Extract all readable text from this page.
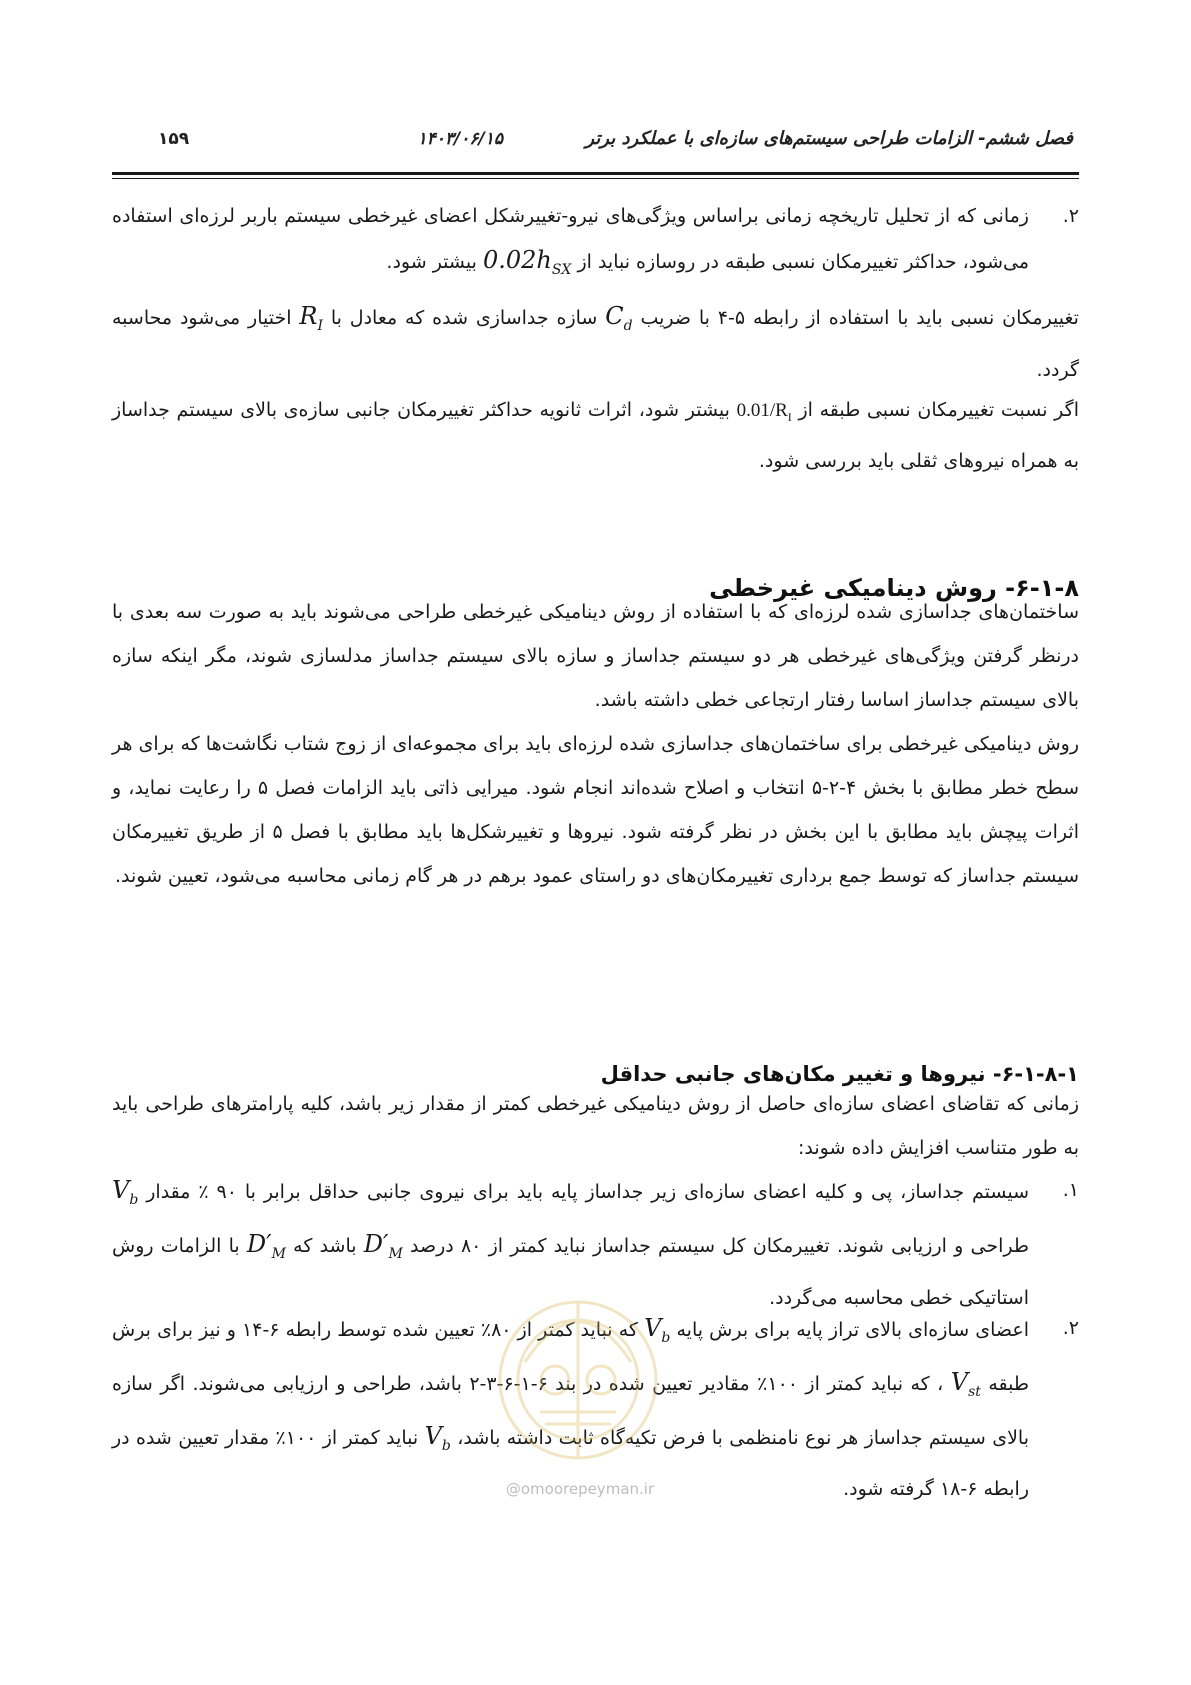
فصل ششم- الزامات طراحی سیستم‌های سازه‌ای با عملکرد برتر
۱۴۰۳/۰۶/۱۵
۱۵۹
۲.
زمانی که از تحلیل تاریخچه زمانی براساس ویژگی‌های نیرو-تغییرشکل اعضای غیرخطی سیستم باربر لرزه‌ای استفاده می‌شود، حداکثر تغییرمکان نسبی طبقه در روسازه نباید از $0.02h_{SX}$ بیشتر شود.

تغییرمکان نسبی باید با استفاده از رابطه ۵-۴ با ضریب $C_d$ سازه جداسازی شده که معادل با $R_I$ اختیار می‌شود محاسبه گردد.

اگر نسبت تغییرمکان نسبی طبقه از $0.01/R_I$ بیشتر شود، اثرات ثانویه حداکثر تغییرمکان جانبی سازه‌ی بالای سیستم جداساز به همراه نیروهای ثقلی باید بررسی شود.

۶-۱-۸- روش دینامیکی غیرخطی

ساختمان‌های جداسازی شده لرزه‌ای که با استفاده از روش دینامیکی غیرخطی طراحی می‌شوند باید به صورت سه بعدی با درنظر گرفتن ویژگی‌های غیرخطی هر دو سیستم جداساز و سازه بالای سیستم جداساز مدلسازی شوند، مگر اینکه سازه بالای سیستم جداساز اساسا رفتار ارتجاعی خطی داشته باشد.

روش دینامیکی غیرخطی برای ساختمان‌های جداسازی شده لرزه‌ای باید برای مجموعه‌ای از زوج شتاب نگاشت‌ها که برای هر سطح خطر مطابق با بخش ۴-۲-۵ انتخاب و اصلاح شده‌اند انجام شود. میرایی ذاتی باید الزامات فصل ۵ را رعایت نماید، و اثرات پیچش باید مطابق با این بخش در نظر گرفته شود. نیروها و تغییرشکل‌ها باید مطابق با فصل ۵ از طریق تغییرمکان سیستم جداساز که توسط جمع برداری تغییرمکان‌های دو راستای عمود برهم در هر گام زمانی محاسبه می‌شود، تعیین شوند.

۶-۱-۸-۱- نیروها و تغییر مکان‌های جانبی حداقل

زمانی که تقاضای اعضای سازه‌ای حاصل از روش دینامیکی غیرخطی کمتر از مقدار زیر باشد، کلیه پارامترهای طراحی باید به طور متناسب افزایش داده شوند:

۱.
سیستم جداساز، پی و کلیه اعضای سازه‌ای زیر جداساز پایه باید برای نیروی جانبی حداقل برابر با ۹۰ ٪ مقدار $V_b$ طراحی و ارزیابی شوند. تغییرمکان کل سیستم جداساز نباید کمتر از ۸۰ درصد $D'_M$ باشد که $D'_M$ با الزامات روش استاتیکی خطی محاسبه می‌گردد.
۲.
اعضای سازه‌ای بالای تراز پایه برای برش پایه $V_b$ که نباید کمتر از ۸۰٪ تعیین شده توسط رابطه ۶-۱۴ و نیز برای برش طبقه $V_{st}$ ، که نباید کمتر از ۱۰۰٪ مقادیر تعیین شده در بند ۶-۱-۶-۳-۲ باشد، طراحی و ارزیابی می‌شوند. اگر سازه بالای سیستم جداساز هر نوع نامنظمی با فرض تکیه‌گاه ثابت داشته باشد، $V_b$ نباید کمتر از ۱۰۰٪ مقدار تعیین شده در رابطه ۶-۱۸ گرفته شود.
@omoorepeyman.ir
